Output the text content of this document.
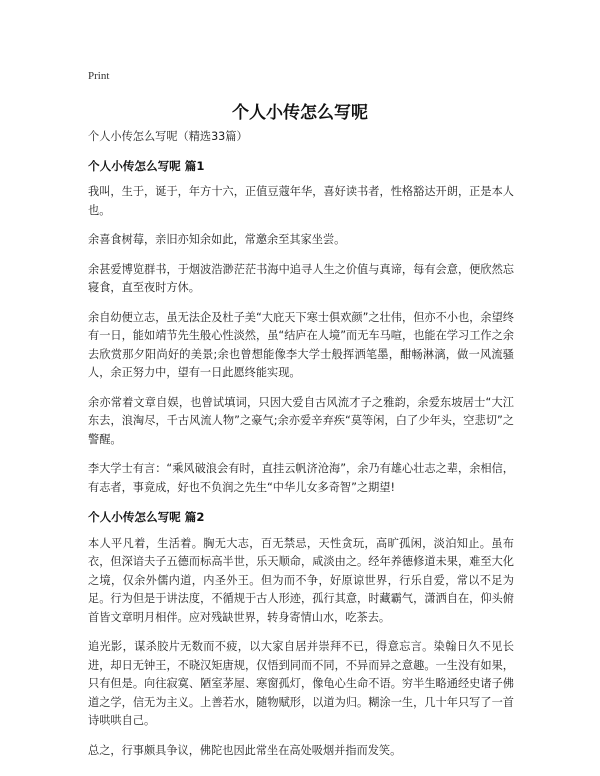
Print
个人小传怎么写呢
个人小传怎么写呢（精选33篇）
个人小传怎么写呢 篇1

我叫，生于，诞于，年方十六，正值豆蔻年华，喜好读书者，性格豁达开朗，正是本人也。

余喜食树莓，亲旧亦知余如此，常邀余至其家坐尝。

余甚爱博览群书，于烟波浩渺茫茫书海中追寻人生之价值与真谛，每有会意，便欣然忘寝食，直至夜时方休。

余自幼便立志，虽无法企及杜子美“大庇天下寒士俱欢颜”之壮伟，但亦不小也，余望终有一日，能如靖节先生般心性淡然，虽“结庐在人境”而无车马喧，也能在学习工作之余去欣赏那夕阳尚好的美景;余也曾想能像李大学士般挥洒笔墨，酣畅淋漓，做一风流骚人，余正努力中，望有一日此愿终能实现。

余亦常着文章自娱，也曾试填词，只因大爱自古风流才子之雅韵，余爱东坡居士“大江东去，浪淘尽，千古风流人物”之豪气;余亦爱辛弃疾“莫等闲，白了少年头，空悲切”之警醒。

李大学士有言：“乘风破浪会有时，直挂云帆济沧海”，余乃有雄心壮志之辈，余相信，有志者，事竟成，好也不负润之先生“中华儿女多奇智”之期望!

个人小传怎么写呢 篇2

本人平凡着，生活着。胸无大志，百无禁忌，天性贪玩，高旷孤闲，淡泊知止。虽布衣，但深谙夫子五德而标高半世，乐天顺命，咸淡由之。经年养德修道未果，难至大化之境，仅余外儒内道，内圣外王。但为而不争，好原谅世界，行乐自爱，常以不足为足。行为但是于讲法度，不循规于古人形迹，孤行其意，时藏霸气，潇洒自在，仰头俯首皆文章明月相伴。应对残缺世界，转身寄情山水，吃茶去。

追光影，谋杀胶片无数而不疲，以大家自居并崇拜不已，得意忘言。染翰日久不见长进，却日无钟王，不晓汉矩唐规，仅悟到同而不同，不异而异之意趣。一生没有如果，只有但是。向往寂寞、陋室茅屋、寒窗孤灯，像龟心生命不语。穷半生略通经史诸子佛道之学，信无为主义。上善若水，随物赋形，以道为归。糊涂一生，几十年只写了一首诗哄哄自己。

总之，行事颇具争议，佛陀也因此常坐在高处吸烟并指而发笑。
